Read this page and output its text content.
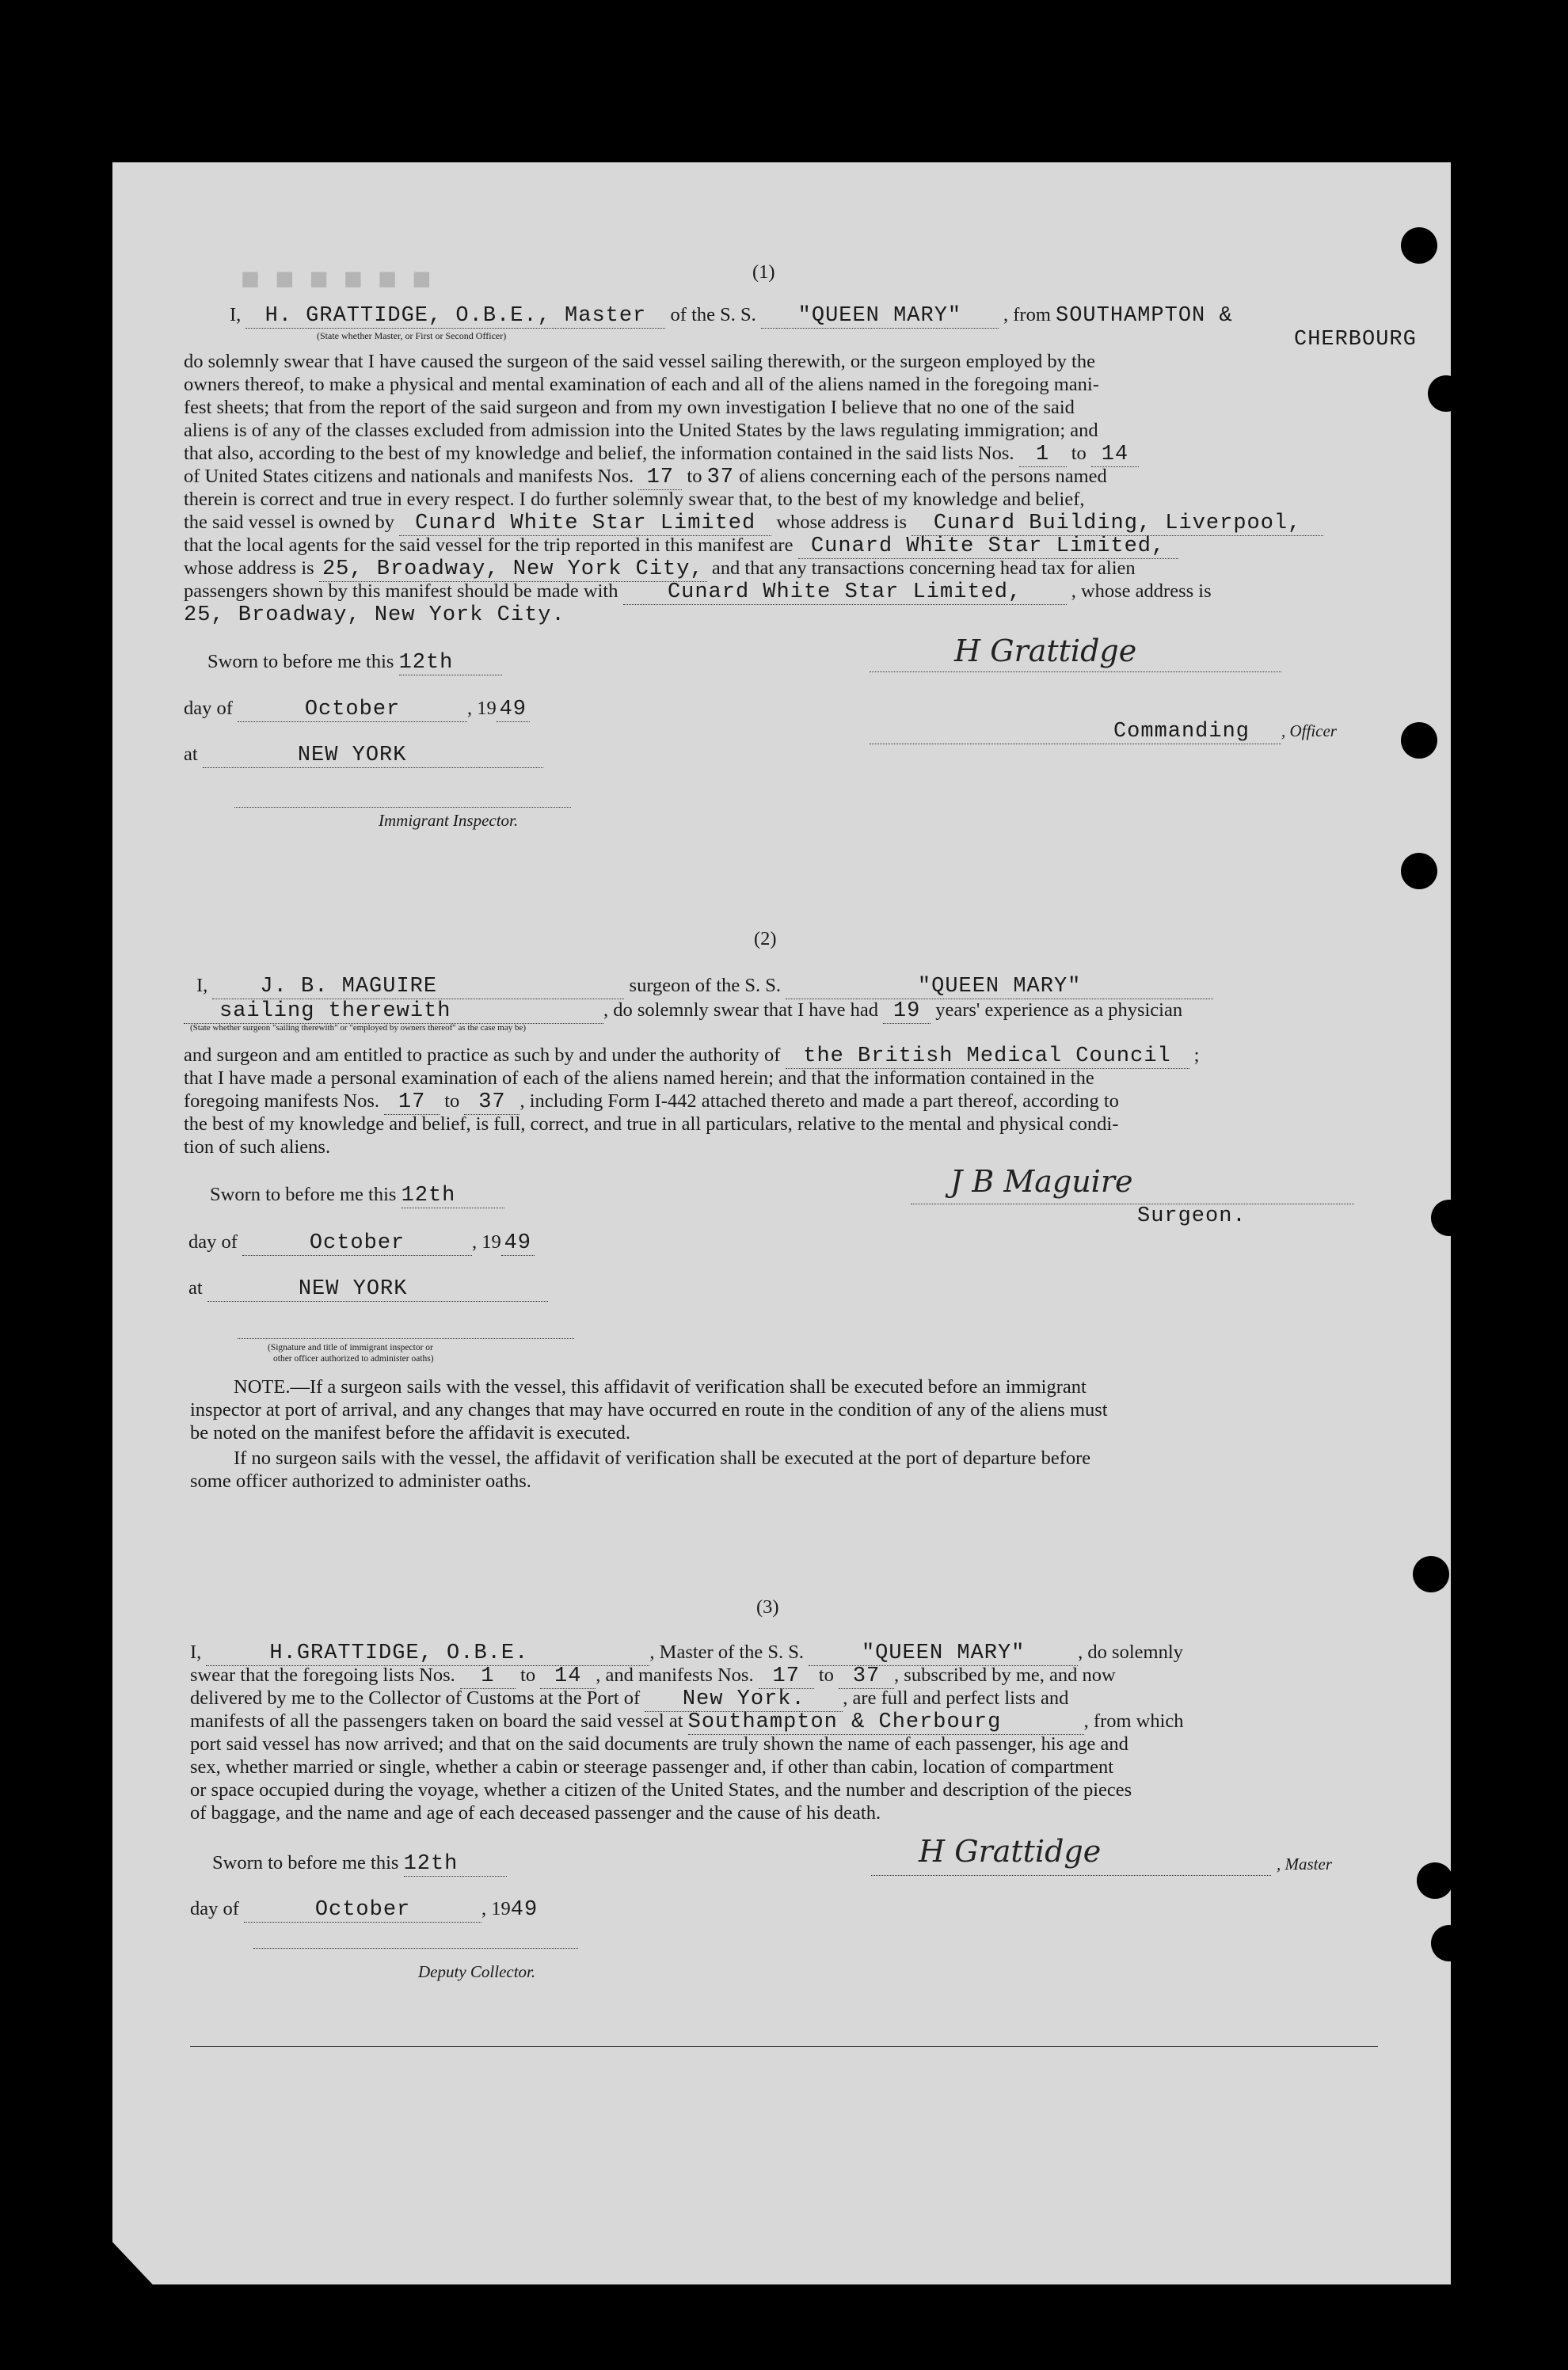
■ ■ ■ ■ ■ ■	(1)
I, H. GRATTIDGE, O.B.E., Master of the S. S. "QUEEN MARY" , from SOUTHAMPTON &
(State whether Master, or First or Second Officer)	CHERBOURG
do solemnly swear that I have caused the surgeon of the said vessel sailing therewith, or the surgeon employed by the
owners thereof, to make a physical and mental examination of each and all of the aliens named in the foregoing mani-
fest sheets; that from the report of the said surgeon and from my own investigation I believe that no one of the said
aliens is of any of the classes excluded from admission into the United States by the laws regulating immigration; and
that also, according to the best of my knowledge and belief, the information contained in the said lists Nos. 1 to 14
of United States citizens and nationals and manifests Nos. 17 to 37 of aliens concerning each of the persons named
therein is correct and true in every respect. I do further solemnly swear that, to the best of my knowledge and belief,
the said vessel is owned by Cunard White Star Limited whose address is Cunard Building, Liverpool,
that the local agents for the said vessel for the trip reported in this manifest are Cunard White Star Limited,
whose address is 25, Broadway, New York City, and that any transactions concerning head tax for alien
passengers shown by this manifest should be made with Cunard White Star Limited,	, whose address is
25, Broadway, New York City.
Sworn to before me this 12th
day of	October	, 19 49
at	NEW YORK
Immigrant Inspector.
H Grattidge
Commanding , Officer
(2)
I, J. B. MAGUIRE	surgeon of the S. S.	"QUEEN MARY"
sailing therewith	, do solemnly swear that I have had 19 years' experience as a physician
(State whether surgeon "sailing therewith" or "employed by owners thereof" as the case may be)
and surgeon and am entitled to practice as such by and under the authority of the British Medical Council ;
that I have made a personal examination of each of the aliens named herein; and that the information contained in the
foregoing manifests Nos. 17 to 37 , including Form I-442 attached thereto and made a part thereof, according to
the best of my knowledge and belief, is full, correct, and true in all particulars, relative to the mental and physical condi-
tion of such aliens.
Sworn to before me this 12th
day of	October	, 19 49
at	NEW YORK
(Signature and title of immigrant inspector or
other officer authorized to administer oaths)
J B Maguire
Surgeon.
NOTE.—If a surgeon sails with the vessel, this affidavit of verification shall be executed before an immigrant
inspector at port of arrival, and any changes that may have occurred en route in the condition of any of the aliens must
be noted on the manifest before the affidavit is executed.
If no surgeon sails with the vessel, the affidavit of verification shall be executed at the port of departure before
some officer authorized to administer oaths.
(3)
I,	H.GRATTIDGE, O.B.E.	, Master of the S. S.	"QUEEN MARY"	, do solemnly
swear that the foregoing lists Nos. 1 to 14 , and manifests Nos. 17 to 37 , subscribed by me, and now
delivered by me to the Collector of Customs at the Port of New York. , are full and perfect lists and
manifests of all the passengers taken on board the said vessel at Southampton & Cherbourg	, from which
port said vessel has now arrived; and that on the said documents are truly shown the name of each passenger, his age and
sex, whether married or single, whether a cabin or steerage passenger and, if other than cabin, location of compartment
or space occupied during the voyage, whether a citizen of the United States, and the number and description of the pieces
of baggage, and the name and age of each deceased passenger and the cause of his death.
Sworn to before me this 12th
day of	October	, 1949
Deputy Collector.
H Grattidge	, Master
